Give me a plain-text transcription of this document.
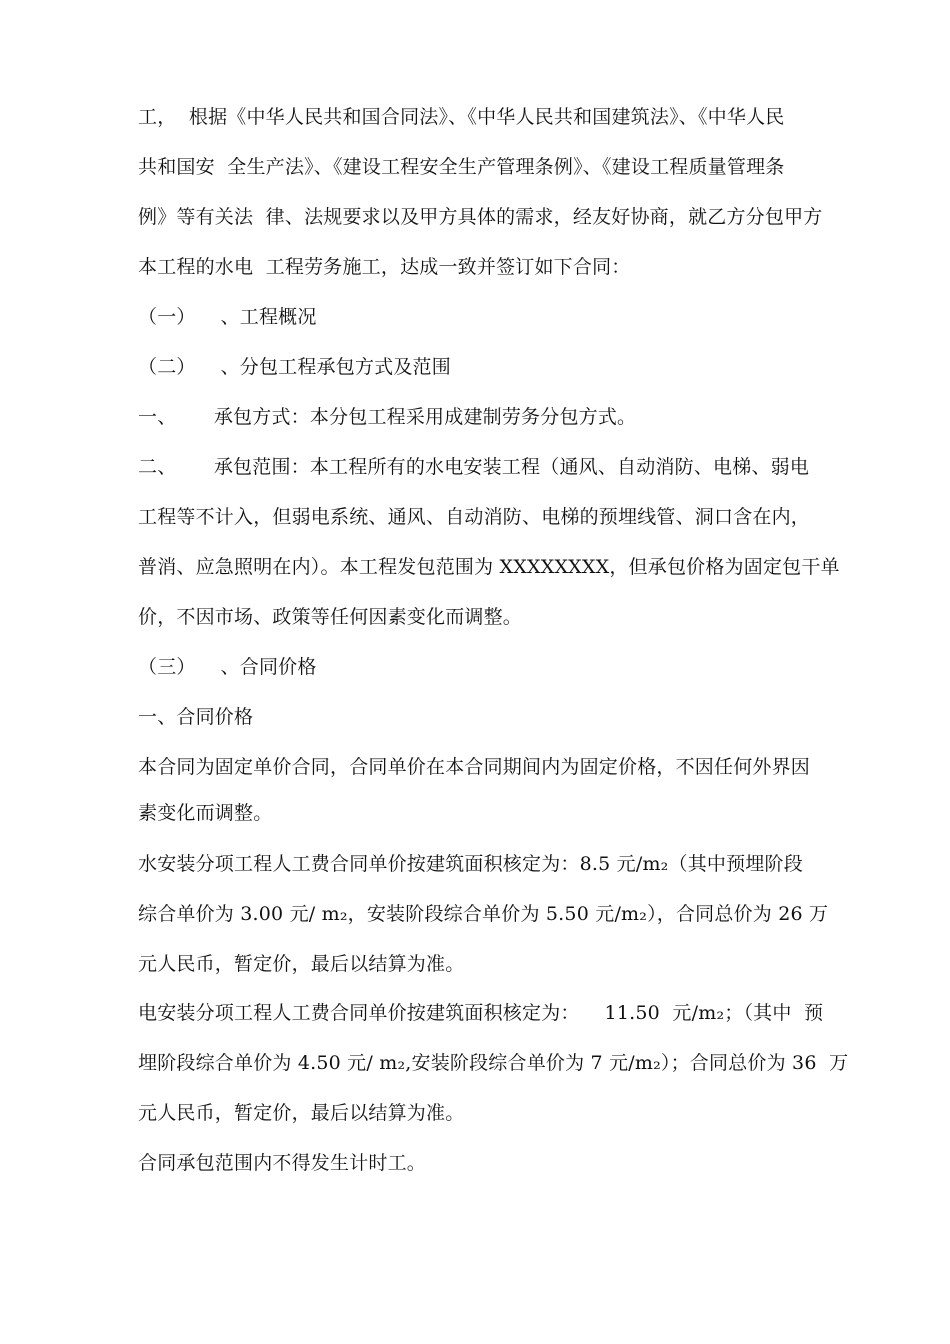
工，  根据《中华人民共和国合同法》、《中华人民共和国建筑法》、《中华人民
共和国安  全生产法》、《建设工程安全生产管理条例》、《建设工程质量管理条
例》等有关法  律、法规要求以及甲方具体的需求，经友好协商，就乙方分包甲方
本工程的水电  工程劳务施工，达成一致并签订如下合同：
（一）    、工程概况
（二）    、分包工程承包方式及范围
一、      承包方式：本分包工程采用成建制劳务分包方式。
二、      承包范围：本工程所有的水电安装工程（通风、自动消防、电梯、弱电
工程等不计入，但弱电系统、通风、自动消防、电梯的预埋线管、洞口含在内，
普消、应急照明在内）。本工程发包范围为 XXXXXXXX，但承包价格为固定包干单
价，不因市场、政策等任何因素变化而调整。
（三）    、合同价格
一、合同价格
本合同为固定单价合同，合同单价在本合同期间内为固定价格，不因任何外界因
素变化而调整。
水安装分项工程人工费合同单价按建筑面积核定为：8.5 元/m₂（其中预埋阶段
综合单价为 3.00 元/ m₂，安装阶段综合单价为 5.50 元/m₂），合同总价为 26 万
元人民币，暂定价，最后以结算为准。
电安装分项工程人工费合同单价按建筑面积核定为：    11.50  元/m₂；（其中  预
埋阶段综合单价为 4.50 元/ m₂,安装阶段综合单价为 7 元/m₂）；合同总价为 36  万
元人民币，暂定价，最后以结算为准。
合同承包范围内不得发生计时工。
